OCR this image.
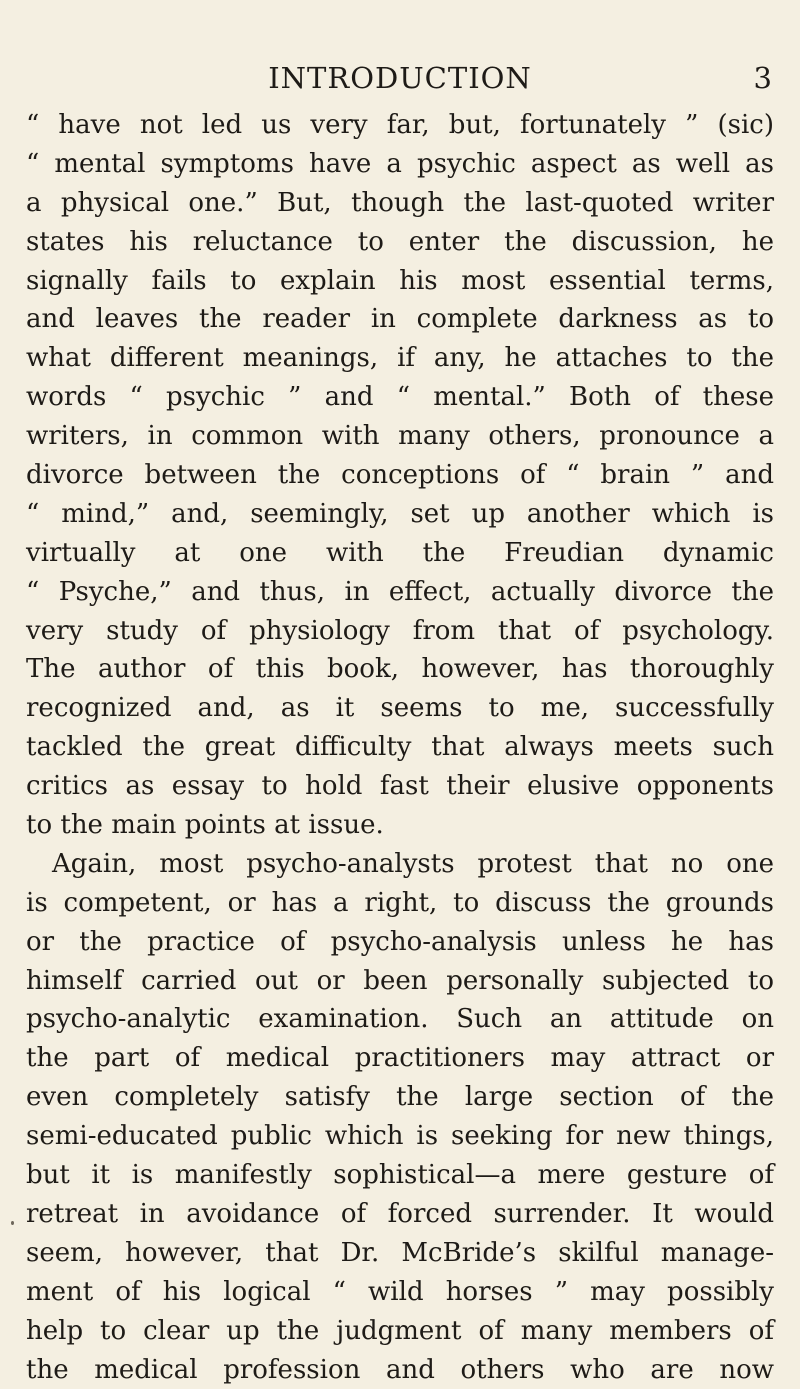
INTRODUCTION	3
“ have not led us very far, but, fortunately ” (sic)
“ mental symptoms have a psychic aspect as well as
a physical one.” But, though the last-quoted writer
states his reluctance to enter the discussion, he
signally fails to explain his most essential terms,
and leaves the reader in complete darkness as to
what different meanings, if any, he attaches to the
words “ psychic ” and “ mental.” Both of these
writers, in common with many others, pronounce a
divorce between the conceptions of “ brain ” and
“ mind,” and, seemingly, set up another which is
virtually at one with the Freudian dynamic
“ Psyche,” and thus, in effect, actually divorce the
very study of physiology from that of psychology.
The author of this book, however, has thoroughly
recognized and, as it seems to me, successfully
tackled the great difficulty that always meets such
critics as essay to hold fast their elusive opponents
to the main points at issue.
Again, most psycho-analysts protest that no one
is competent, or has a right, to discuss the grounds
or the practice of psycho-analysis unless he has
himself carried out or been personally subjected to
psycho-analytic examination. Such an attitude on
the part of medical practitioners may attract or
even completely satisfy the large section of the
semi-educated public which is seeking for new things,
but it is manifestly sophistical—a mere gesture of
retreat in avoidance of forced surrender. It would
seem, however, that Dr. McBride’s skilful manage-
ment of his logical “ wild horses ” may possibly
help to clear up the judgment of many members of
the medical profession and others who are now
